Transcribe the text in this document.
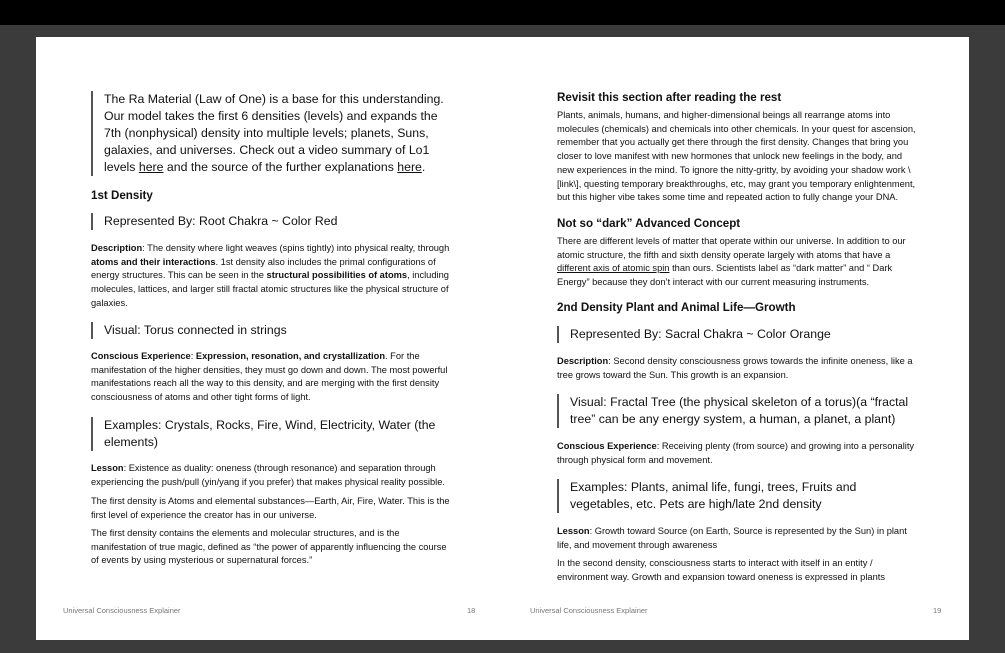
The Ra Material (Law of One) is a base for this understanding. Our model takes the first 6 densities (levels) and expands the 7th (nonphysical) density into multiple levels; planets, Suns, galaxies, and universes. Check out a video summary of Lo1 levels here and the source of the further explanations here.
1st Density
Represented By: Root Chakra ~ Color Red
Description: The density where light weaves (spins tightly) into physical realty, through atoms and their interactions. 1st density also includes the primal configurations of energy structures. This can be seen in the structural possibilities of atoms, including molecules, lattices, and larger still fractal atomic structures like the physical structure of galaxies.
Visual: Torus connected in strings
Conscious Experience: Expression, resonation, and crystallization. For the manifestation of the higher densities, they must go down and down. The most powerful manifestations reach all the way to this density, and are merging with the first density consciousness of atoms and other tight forms of light.
Examples: Crystals, Rocks, Fire, Wind, Electricity, Water (the elements)
Lesson: Existence as duality: oneness (through resonance) and separation through experiencing the push/pull (yin/yang if you prefer) that makes physical reality possible.
The first density is Atoms and elemental substances—Earth, Air, Fire, Water. This is the first level of experience the creator has in our universe.
The first density contains the elements and molecular structures, and is the manifestation of true magic, defined as “the power of apparently influencing the course of events by using mysterious or supernatural forces.”
Universal Consciousness Explainer	18
Revisit this section after reading the rest
Plants, animals, humans, and higher-dimensional beings all rearrange atoms into molecules (chemicals) and chemicals into other chemicals. In your quest for ascension, remember that you actually get there through the first density. Changes that bring you closer to love manifest with new hormones that unlock new feelings in the body, and new experiences in the mind. To ignore the nitty-gritty, by avoiding your shadow work \ [link\], questing temporary breakthroughs, etc, may grant you temporary enlightenment, but this higher vibe takes some time and repeated action to fully change your DNA.
Not so “dark” Advanced Concept
There are different levels of matter that operate within our universe. In addition to our atomic structure, the fifth and sixth density operate largely with atoms that have a different axis of atomic spin than ours. Scientists label as “dark matter” and “ Dark Energy” because they don’t interact with our current measuring instruments.
2nd Density Plant and Animal Life—Growth
Represented By: Sacral Chakra ~ Color Orange
Description: Second density consciousness grows towards the infinite oneness, like a tree grows toward the Sun. This growth is an expansion.
Visual: Fractal Tree (the physical skeleton of a torus)(a “fractal tree” can be any energy system, a human, a planet, a plant)
Conscious Experience: Receiving plenty (from source) and growing into a personality through physical form and movement.
Examples: Plants, animal life, fungi, trees, Fruits and vegetables, etc. Pets are high/late 2nd density
Lesson: Growth toward Source (on Earth, Source is represented by the Sun) in plant life, and movement through awareness
In the second density, consciousness starts to interact with itself in an entity / environment way. Growth and expansion toward oneness is expressed in plants
Universal Consciousness Explainer	19
